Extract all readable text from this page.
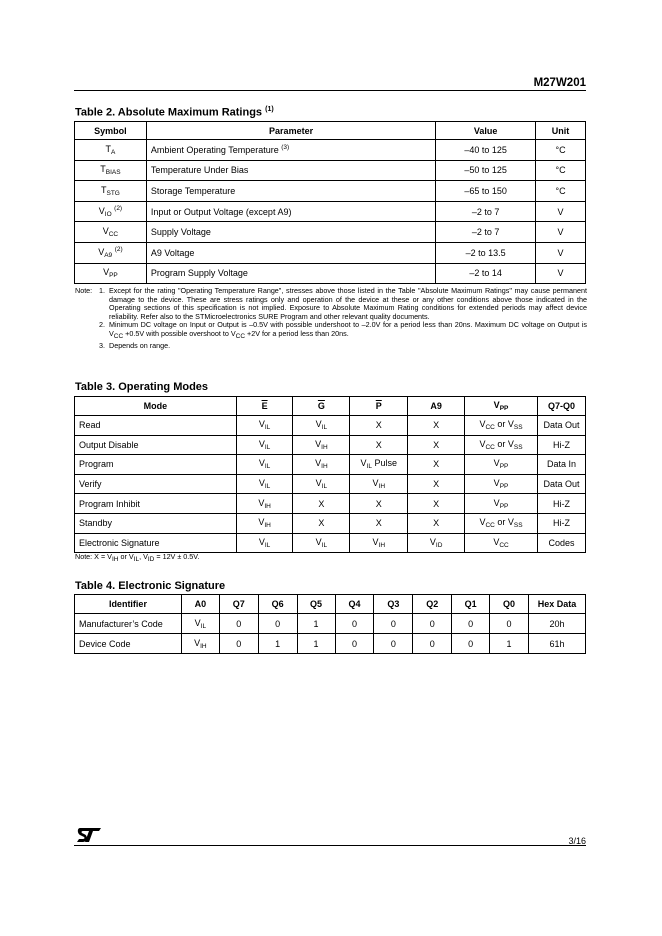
M27W201
Table 2. Absolute Maximum Ratings $^{(1)}$
Symbol	Parameter	Value	Unit
$T_A$	Ambient Operating Temperature $^{(3)}$	–40 to 125	°C
$T_{BIAS}$	Temperature Under Bias	–50 to 125	°C
$T_{STG}$	Storage Temperature	–65 to 150	°C
$V_{IO}$ $^{(2)}$	Input or Output Voltage (except A9)	–2 to 7	V
$V_{CC}$	Supply Voltage	–2 to 7	V
$V_{A9}$ $^{(2)}$	A9 Voltage	–2 to 13.5	V
$V_{PP}$	Program Supply Voltage	–2 to 14	V
Note: 1. Except for the rating "Operating Temperature Range", stresses above those listed in the Table "Absolute Maximum Ratings" may cause permanent damage to the device. These are stress ratings only and operation of the device at these or any other conditions above those indicated in the Operating sections of this specification is not implied. Exposure to Absolute Maximum Rating conditions for extended periods may affect device reliability. Refer also to the STMicroelectronics SURE Program and other relevant quality documents.
2. Minimum DC voltage on Input or Output is –0.5V with possible undershoot to –2.0V for a period less than 20ns. Maximum DC voltage on Output is $V_{CC} +0.5V$ with possible overshoot to $V_{CC} +2V$ for a period less than 20ns.
3. Depends on range.
Table 3. Operating Modes
Mode	$\overline{E}$	$\overline{G}$	$\overline{P}$	A9	$V_{PP}$	Q7-Q0
Read	$V_{IL}$	$V_{IL}$	X	X	$V_{CC}$ or $V_{SS}$	Data Out
Output Disable	$V_{IL}$	$V_{IH}$	X	X	$V_{CC}$ or $V_{SS}$	Hi-Z
Program	$V_{IL}$	$V_{IH}$	$V_{IL}$ Pulse	X	$V_{PP}$	Data In
Verify	$V_{IL}$	$V_{IL}$	$V_{IH}$	X	$V_{PP}$	Data Out
Program Inhibit	$V_{IH}$	X	X	X	$V_{PP}$	Hi-Z
Standby	$V_{IH}$	X	X	X	$V_{CC}$ or $V_{SS}$	Hi-Z
Electronic Signature	$V_{IL}$	$V_{IL}$	$V_{IH}$	$V_{ID}$	$V_{CC}$	Codes
Note: $X = V_{IH}$ or $V_{IL}$, $V_{ID} = 12V \pm 0.5V$.
Table 4. Electronic Signature
Identifier	A0	Q7	Q6	Q5	Q4	Q3	Q2	Q1	Q0	Hex Data
Manufacturer’s Code	$V_{IL}$	0	0	1	0	0	0	0	0	20h
Device Code	$V_{IH}$	0	1	1	0	0	0	0	1	61h
3/16
